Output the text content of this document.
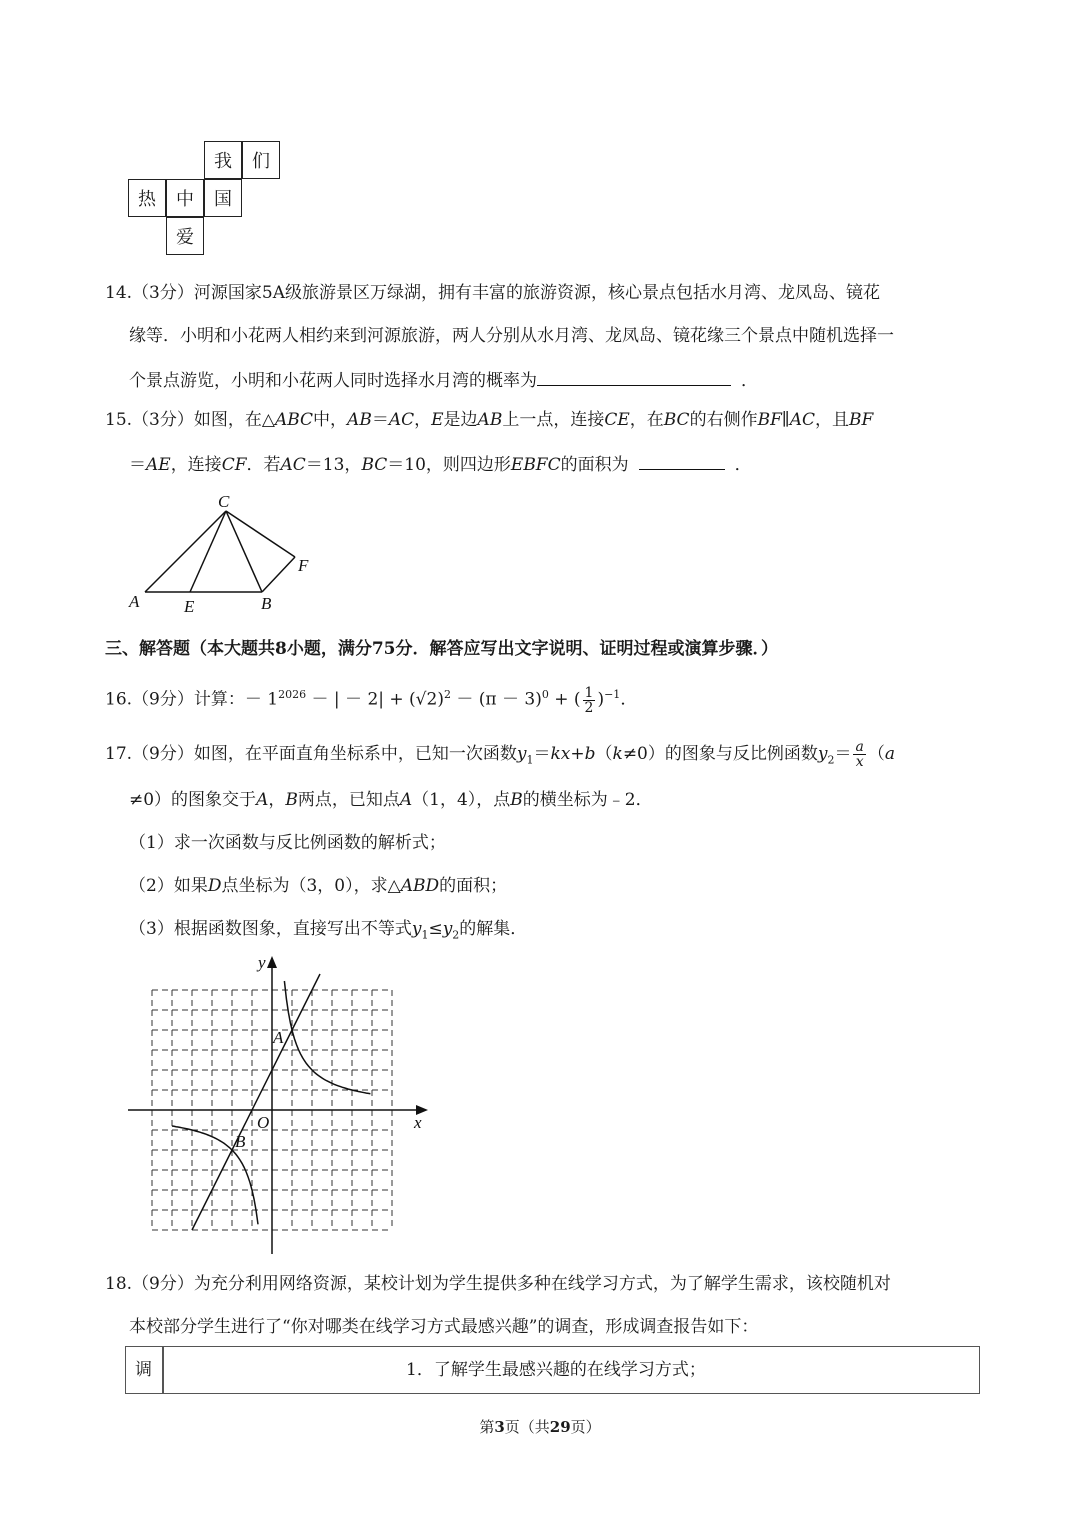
我	们
热	中	国
爱
14.（3分）河源国家5A级旅游景区万绿湖，拥有丰富的旅游资源，核心景点包括水月湾、龙凤岛、镜花
缘等．小明和小花两人相约来到河源旅游，两人分别从水月湾、龙凤岛、镜花缘三个景点中随机选择一
个景点游览，小明和小花两人同时选择水月湾的概率为	．
15.（3分）如图，在△ABC中，AB＝AC，E是边AB上一点，连接CE，在BC的右侧作BF∥AC，且BF
＝AE，连接CF．若AC＝13，BC＝10，则四边形EBFC的面积为	．
C
A	E	B
F
三、解答题（本大题共8小题，满分75分．解答应写出文字说明、证明过程或演算步骤．）
16.（9分）计算：－ $1^{2026}$ － | － $2| + (√2)^2 - (\pi - 3)^0$ + ( $\frac{1}{2} )^{-1}$．
17.（9分）如图，在平面直角坐标系中，已知一次函数$y_1=kx+b(k\ne 0)$的图象与反比例函数$y_2= \frac{a}{x} (a$
≠0）的图象交于A，B两点，已知点A（1，4），点B的横坐标为﹣2．
（1）求一次函数与反比例函数的解析式；
（2）如果D点坐标为（3，0），求△ABD的面积；
（3）根据函数图象，直接写出不等式$y_1\le y_2$的解集．
y
x
O
A
B
18.（9分）为充分利用网络资源，某校计划为学生提供多种在线学习方式，为了解学生需求，该校随机对
本校部分学生进行了“你对哪类在线学习方式最感兴趣”的调查，形成调查报告如下：
调	1．了解学生最感兴趣的在线学习方式；
第3页（共29页）
